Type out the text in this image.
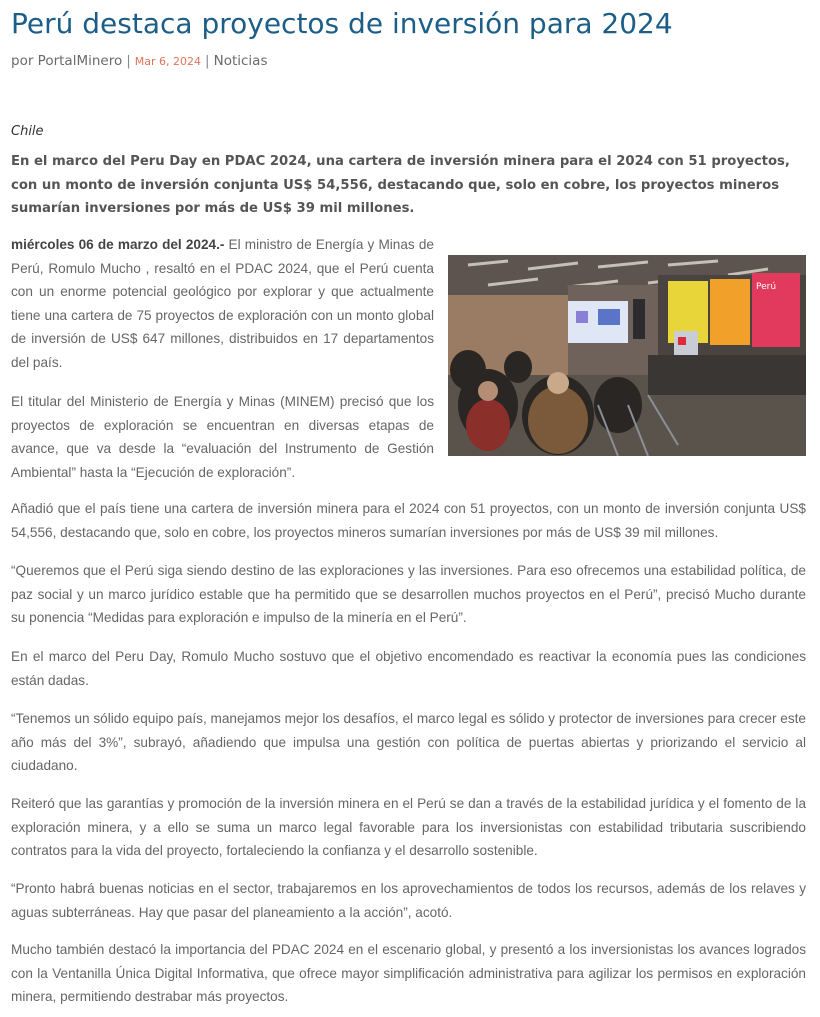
Perú destaca proyectos de inversión para 2024
por PortalMinero | Mar 6, 2024 | Noticias
Chile

En el marco del Peru Day en PDAC 2024, una cartera de inversión minera para el 2024 con 51 proyectos, con un monto de inversión conjunta US$ 54,556, destacando que, solo en cobre, los proyectos mineros sumarían inversiones por más de US$ 39 mil millones.

miércoles 06 de marzo del 2024.- El ministro de Energía y Minas de Perú, Romulo Mucho , resaltó en el PDAC 2024, que el Perú cuenta con un enorme potencial geológico por explorar y que actualmente tiene una cartera de 75 proyectos de exploración con un monto global de inversión de US$ 647 millones, distribuidos en 17 departamentos del país.

El titular del Ministerio de Energía y Minas (MINEM) precisó que los proyectos de exploración se encuentran en diversas etapas de avance, que va desde la “evaluación del Instrumento de Gestión Ambiental” hasta la “Ejecución de exploración”.

Perú

Añadió que el país tiene una cartera de inversión minera para el 2024 con 51 proyectos, con un monto de inversión conjunta US$ 54,556, destacando que, solo en cobre, los proyectos mineros sumarían inversiones por más de US$ 39 mil millones.

“Queremos que el Perú siga siendo destino de las exploraciones y las inversiones. Para eso ofrecemos una estabilidad política, de paz social y un marco jurídico estable que ha permitido que se desarrollen muchos proyectos en el Perú”, precisó Mucho durante su ponencia “Medidas para exploración e impulso de la minería en el Perú”.

En el marco del Peru Day, Romulo Mucho sostuvo que el objetivo encomendado es reactivar la economía pues las condiciones están dadas.

“Tenemos un sólido equipo país, manejamos mejor los desafíos, el marco legal es sólido y protector de inversiones para crecer este año más del 3%”, subrayó, añadiendo que impulsa una gestión con política de puertas abiertas y priorizando el servicio al ciudadano.

Reiteró que las garantías y promoción de la inversión minera en el Perú se dan a través de la estabilidad jurídica y el fomento de la exploración minera, y a ello se suma un marco legal favorable para los inversionistas con estabilidad tributaria suscribiendo contratos para la vida del proyecto, fortaleciendo la confianza y el desarrollo sostenible.

“Pronto habrá buenas noticias en el sector, trabajaremos en los aprovechamientos de todos los recursos, además de los relaves y aguas subterráneas. Hay que pasar del planeamiento a la acción”, acotó.

Mucho también destacó la importancia del PDAC 2024 en el escenario global, y presentó a los inversionistas los avances logrados con la Ventanilla Única Digital Informativa, que ofrece mayor simplificación administrativa para agilizar los permisos en exploración minera, permitiendo destrabar más proyectos.
